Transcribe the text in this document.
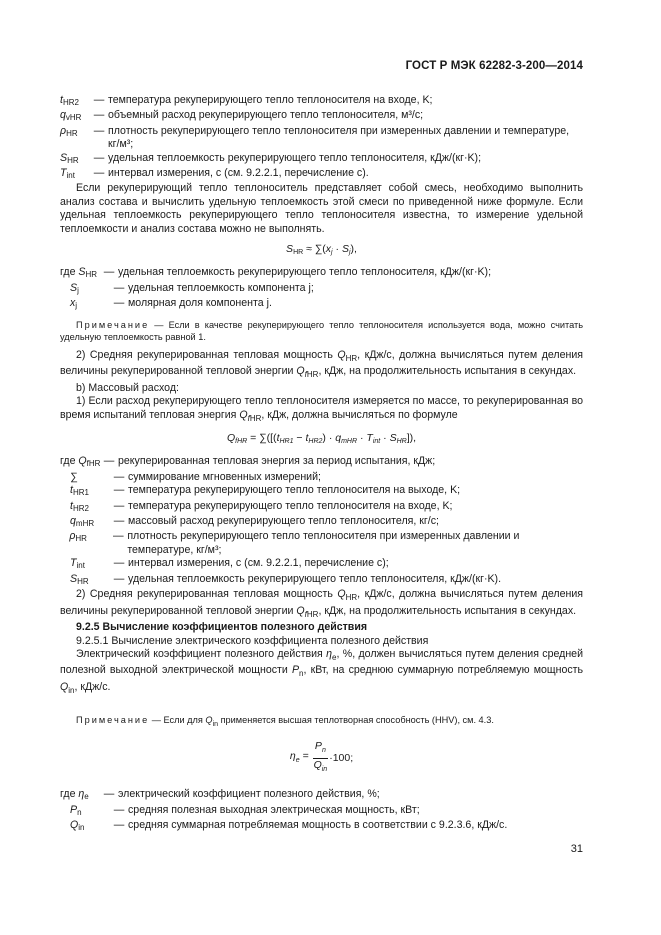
ГОСТ Р МЭК 62282-3-200—2014
tHR2	— температура рекуперирующего тепло теплоносителя на входе, K;
qvHR	— объемный расход рекуперирующего тепло теплоносителя, м³/с;
ρHR	— плотность рекуперирующего тепло теплоносителя при измеренных давлении и температуре, кг/м³;
SHR	— удельная теплоемкость рекуперирующего тепло теплоносителя, кДж/(кг·K);
Tint	— интервал измерения, с (см. 9.2.2.1, перечисление с).

Если рекуперирующий тепло теплоноситель представляет собой смесь, необходимо выполнить анализ состава и вычислить удельную теплоемкость этой смеси по приведенной ниже формуле. Если удельная теплоемкость рекуперирующего тепло теплоносителя известна, то измерение удельной теплоемкости и анализ состава можно не выполнять.

SHR ≈ ∑(xj · Sj),
где SHR — удельная теплоемкость рекуперирующего тепло теплоносителя, кДж/(кг·K);
Sj	— удельная теплоемкость компонента j;
xj	— молярная доля компонента j.

Примечание — Если в качестве рекуперирующего тепло теплоносителя используется вода, можно считать удельную теплоемкость равной 1.

2) Средняя рекуперированная тепловая мощность $Q_{HR}$, кДж/с, должна вычисляться путем деления величины рекуперированной тепловой энергии $Q_{fHR}$, кДж, на продолжительность испытания в секундах.

b) Массовый расход:

1) Если расход рекуперирующего тепло теплоносителя измеряется по массе, то рекуперированная во время испытаний тепловая энергия $Q_{fHR}$, кДж, должна вычисляться по формуле

QfHR = ∑([(tHR1 − tHR2) · qmHR · Tint · SHR]),
где QfHR — рекуперированная тепловая энергия за период испытания, кДж;
∑	— суммирование мгновенных измерений;
tHR1	— температура рекуперирующего тепло теплоносителя на выходе, K;
tHR2	— температура рекуперирующего тепло теплоносителя на входе, K;
qmHR	— массовый расход рекуперирующего тепло теплоносителя, кг/с;
ρHR	— плотность рекуперирующего тепло теплоносителя при измеренных давлении и температуре, кг/м³;
Tint	— интервал измерения, с (см. 9.2.2.1, перечисление с);
SHR	— удельная теплоемкость рекуперирующего тепло теплоносителя, кДж/(кг·K).

2) Средняя рекуперированная тепловая мощность $Q_{HR}$, кДж/с, должна вычисляться путем деления величины рекуперированной тепловой энергии $Q_{fHR}$, кДж, на продолжительность испытания в секундах.

9.2.5 Вычисление коэффициентов полезного действия

9.2.5.1 Вычисление электрического коэффициента полезного действия

Электрический коэффициент полезного действия $\eta_e$, %, должен вычисляться путем деления средней полезной выходной электрической мощности $P_n$, кВт, на среднюю суммарную потребляемую мощность $Q_{in}$, кДж/с.

Примечание — Если для $Q_{in}$ применяется высшая теплотворная способность (HHV), см. 4.3.

$\eta_e$ =
$P_n$
$Q_{in}$
·100;
где ηe	— электрический коэффициент полезного действия, %;
Pn	— средняя полезная выходная электрическая мощность, кВт;
Qin	— средняя суммарная потребляемая мощность в соответствии с 9.2.3.6, кДж/с.
31
